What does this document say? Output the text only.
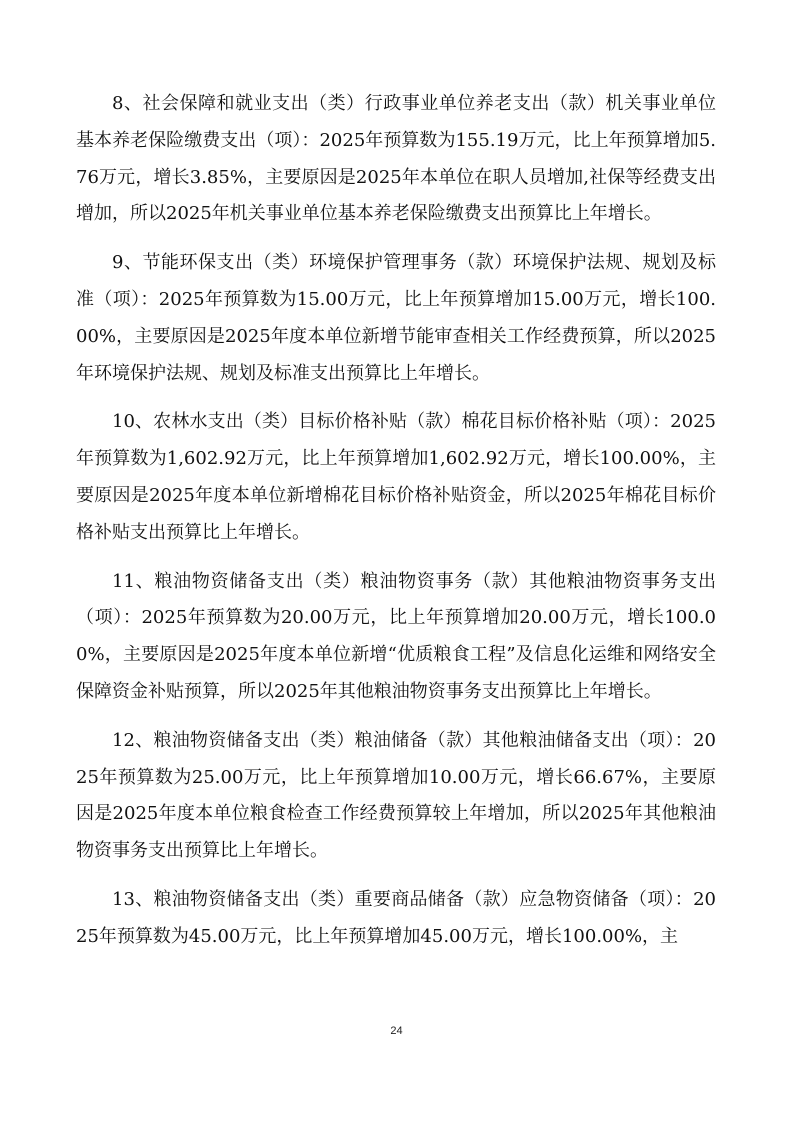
8、社会保障和就业支出（类）行政事业单位养老支出（款）机关事业单位基本养老保险缴费支出（项）：2025年预算数为155.19万元，比上年预算增加5.76万元，增长3.85%，主要原因是2025年本单位在职人员增加,社保等经费支出增加，所以2025年机关事业单位基本养老保险缴费支出预算比上年增长。

9、节能环保支出（类）环境保护管理事务（款）环境保护法规、规划及标准（项）：2025年预算数为15.00万元，比上年预算增加15.00万元，增长100.00%，主要原因是2025年度本单位新增节能审查相关工作经费预算，所以2025年环境保护法规、规划及标准支出预算比上年增长。

10、农林水支出（类）目标价格补贴（款）棉花目标价格补贴（项）：2025年预算数为1,602.92万元，比上年预算增加1,602.92万元，增长100.00%，主要原因是2025年度本单位新增棉花目标价格补贴资金，所以2025年棉花目标价格补贴支出预算比上年增长。

11、粮油物资储备支出（类）粮油物资事务（款）其他粮油物资事务支出（项）：2025年预算数为20.00万元，比上年预算增加20.00万元，增长100.00%，主要原因是2025年度本单位新增“优质粮食工程”及信息化运维和网络安全保障资金补贴预算，所以2025年其他粮油物资事务支出预算比上年增长。

12、粮油物资储备支出（类）粮油储备（款）其他粮油储备支出（项）：2025年预算数为25.00万元，比上年预算增加10.00万元，增长66.67%，主要原因是2025年度本单位粮食检查工作经费预算较上年增加，所以2025年其他粮油物资事务支出预算比上年增长。

13、粮油物资储备支出（类）重要商品储备（款）应急物资储备（项）：2025年预算数为45.00万元，比上年预算增加45.00万元，增长100.00%，主

24
